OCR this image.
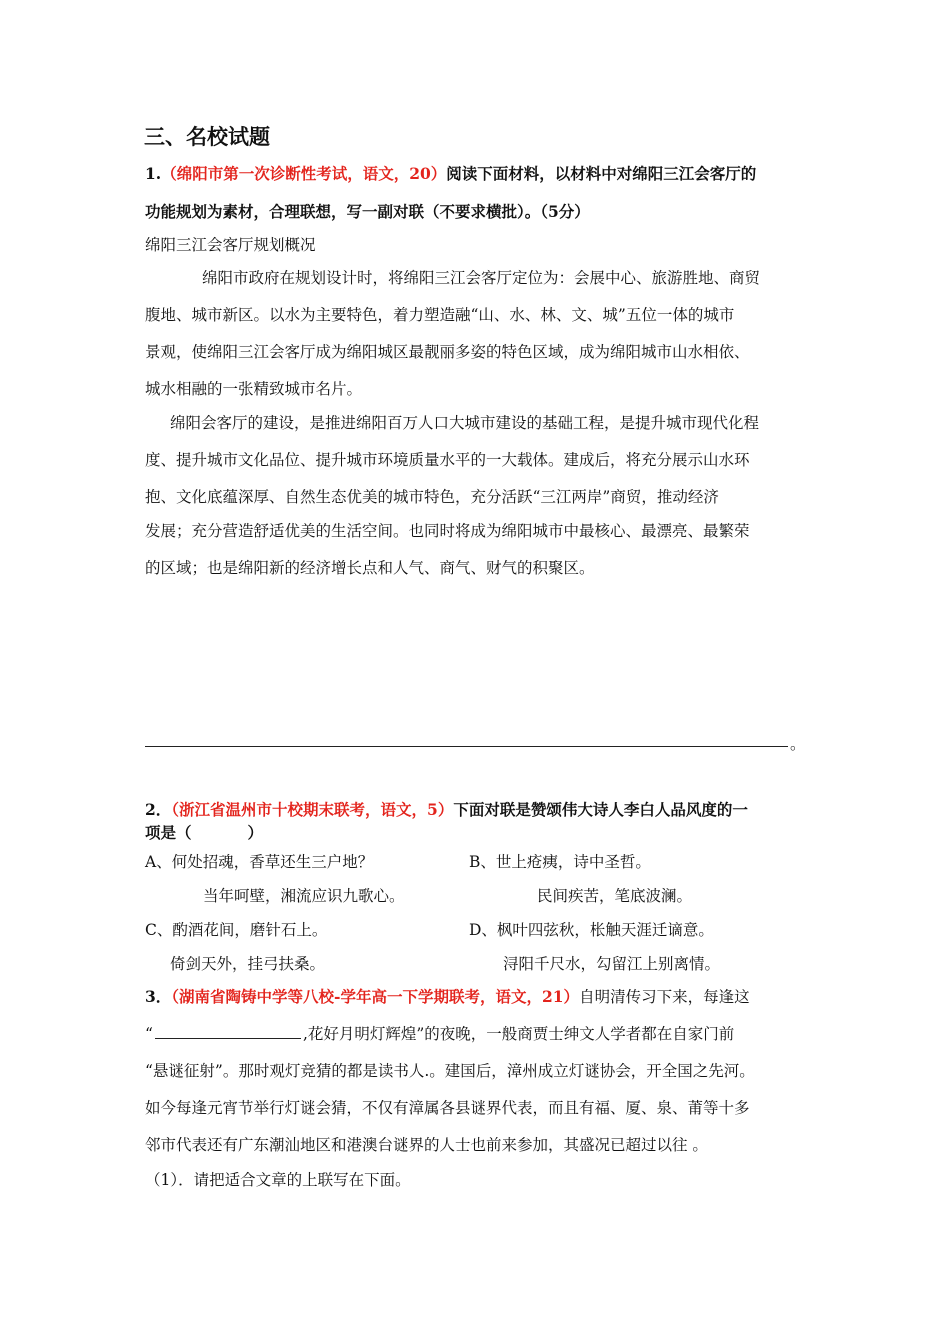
三、名校试题
1.（绵阳市第一次诊断性考试，语文，20）阅读下面材料，以材料中对绵阳三江会客厅的
功能规划为素材，合理联想，写一副对联（不要求横批）。（5分）
绵阳三江会客厅规划概况
绵阳市政府在规划设计时，将绵阳三江会客厅定位为：会展中心、旅游胜地、商贸
腹地、城市新区。以水为主要特色，着力塑造融“山、水、林、文、城”五位一体的城市
景观，使绵阳三江会客厅成为绵阳城区最靓丽多姿的特色区域，成为绵阳城市山水相依、
城水相融的一张精致城市名片。
绵阳会客厅的建设，是推进绵阳百万人口大城市建设的基础工程，是提升城市现代化程
度、提升城市文化品位、提升城市环境质量水平的一大载体。建成后，将充分展示山水环
抱、文化底蕴深厚、自然生态优美的城市特色，充分活跃“三江两岸”商贸，推动经济
发展；充分营造舒适优美的生活空间。也同时将成为绵阳城市中最核心、最漂亮、最繁荣
的区域；也是绵阳新的经济增长点和人气、商气、财气的积聚区。
。
2．（浙江省温州市十校期末联考，语文，5）下面对联是赞颂伟大诗人李白人品风度的一
项是（	）
A、何处招魂，香草还生三户地？	B、世上疮痍，诗中圣哲。
当年呵壁，湘流应识九歌心。	民间疾苦，笔底波澜。
C、酌酒花间，磨针石上。	D、枫叶四弦秋，枨触天涯迁谪意。
倚剑天外，挂弓扶桑。	浔阳千尺水，勾留江上别离情。
3．（湖南省陶铸中学等八校-学年高一下学期联考，语文，21）自明清传习下来，每逢这
“	,花好月明灯辉煌”的夜晚，一般商贾士绅文人学者都在自家门前
“悬谜征射”。那时观灯竞猜的都是读书人.。建国后，漳州成立灯谜协会，开全国之先河。
如今每逢元宵节举行灯谜会猜，不仅有漳属各县谜界代表，而且有福、厦、泉、莆等十多
邻市代表还有广东潮汕地区和港澳台谜界的人士也前来参加，其盛况已超过以往 。
（1）．请把适合文章的上联写在下面。
